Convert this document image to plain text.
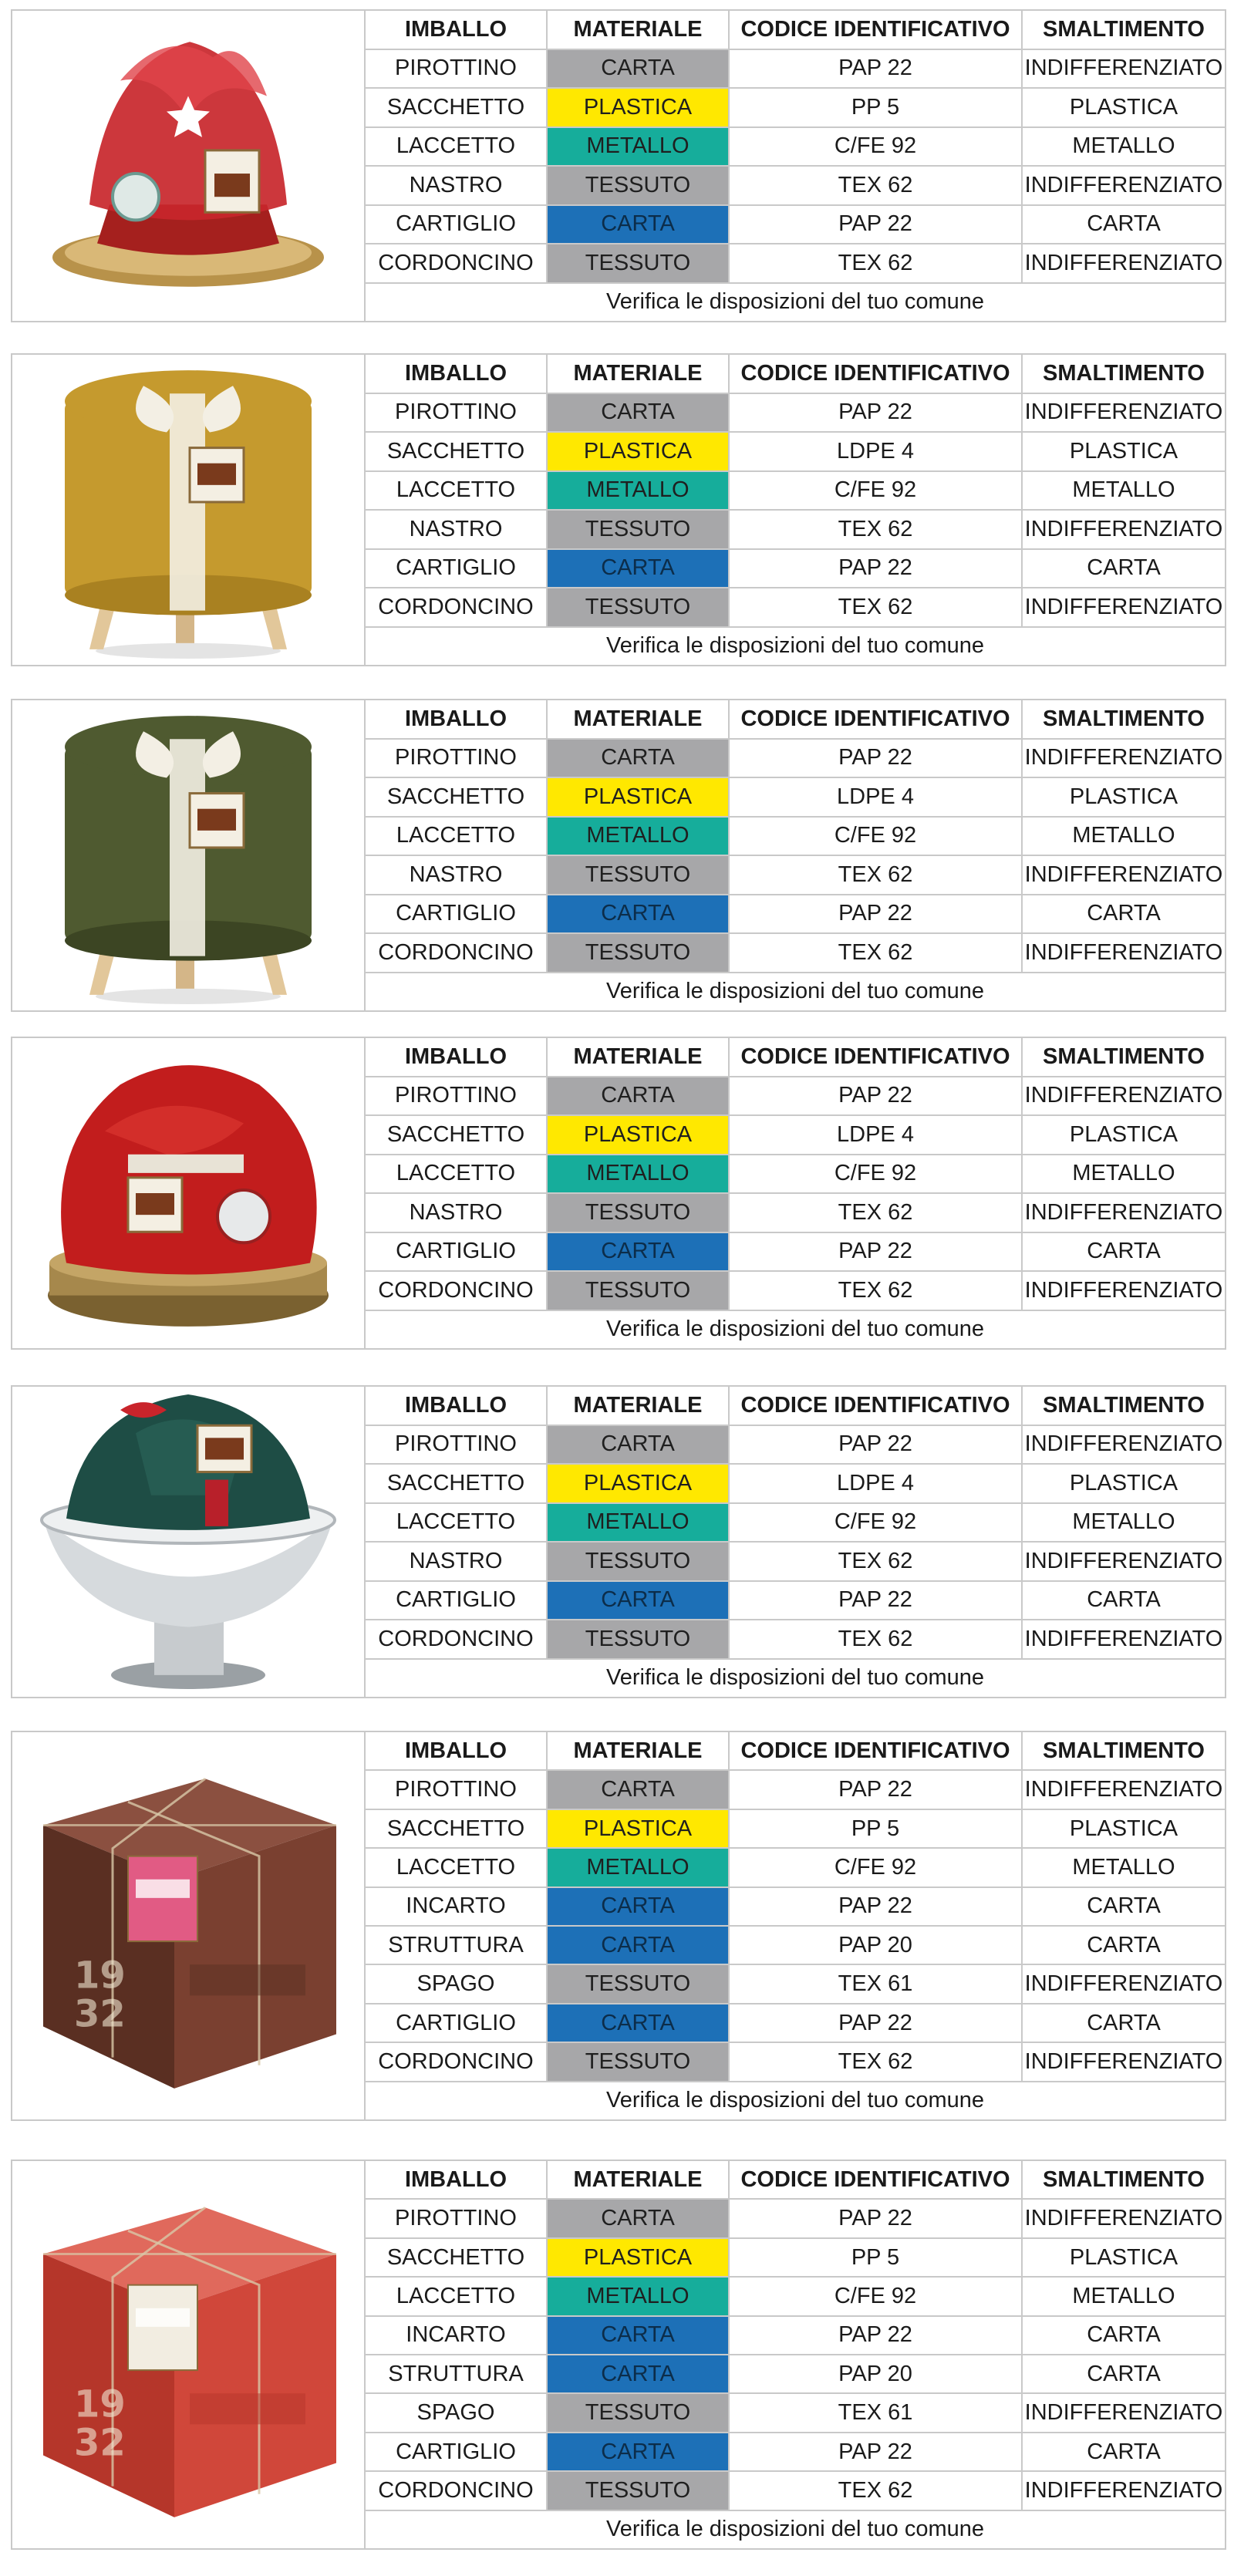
IMBALLO	MATERIALE	CODICE IDENTIFICATIVO	SMALTIMENTO
PIROTTINO	CARTA	PAP 22	INDIFFERENZIATO
SACCHETTO	PLASTICA	PP 5	PLASTICA
LACCETTO	METALLO	C/FE 92	METALLO
NASTRO	TESSUTO	TEX 62	INDIFFERENZIATO
CARTIGLIO	CARTA	PAP 22	CARTA
CORDONCINO	TESSUTO	TEX 62	INDIFFERENZIATO
Verifica le disposizioni del tuo comune
IMBALLO	MATERIALE	CODICE IDENTIFICATIVO	SMALTIMENTO
PIROTTINO	CARTA	PAP 22	INDIFFERENZIATO
SACCHETTO	PLASTICA	LDPE 4	PLASTICA
LACCETTO	METALLO	C/FE 92	METALLO
NASTRO	TESSUTO	TEX 62	INDIFFERENZIATO
CARTIGLIO	CARTA	PAP 22	CARTA
CORDONCINO	TESSUTO	TEX 62	INDIFFERENZIATO
Verifica le disposizioni del tuo comune
IMBALLO	MATERIALE	CODICE IDENTIFICATIVO	SMALTIMENTO
PIROTTINO	CARTA	PAP 22	INDIFFERENZIATO
SACCHETTO	PLASTICA	LDPE 4	PLASTICA
LACCETTO	METALLO	C/FE 92	METALLO
NASTRO	TESSUTO	TEX 62	INDIFFERENZIATO
CARTIGLIO	CARTA	PAP 22	CARTA
CORDONCINO	TESSUTO	TEX 62	INDIFFERENZIATO
Verifica le disposizioni del tuo comune
IMBALLO	MATERIALE	CODICE IDENTIFICATIVO	SMALTIMENTO
PIROTTINO	CARTA	PAP 22	INDIFFERENZIATO
SACCHETTO	PLASTICA	LDPE 4	PLASTICA
LACCETTO	METALLO	C/FE 92	METALLO
NASTRO	TESSUTO	TEX 62	INDIFFERENZIATO
CARTIGLIO	CARTA	PAP 22	CARTA
CORDONCINO	TESSUTO	TEX 62	INDIFFERENZIATO
Verifica le disposizioni del tuo comune
IMBALLO	MATERIALE	CODICE IDENTIFICATIVO	SMALTIMENTO
PIROTTINO	CARTA	PAP 22	INDIFFERENZIATO
SACCHETTO	PLASTICA	LDPE 4	PLASTICA
LACCETTO	METALLO	C/FE 92	METALLO
NASTRO	TESSUTO	TEX 62	INDIFFERENZIATO
CARTIGLIO	CARTA	PAP 22	CARTA
CORDONCINO	TESSUTO	TEX 62	INDIFFERENZIATO
Verifica le disposizioni del tuo comune
19
32
IMBALLO	MATERIALE	CODICE IDENTIFICATIVO	SMALTIMENTO
PIROTTINO	CARTA	PAP 22	INDIFFERENZIATO
SACCHETTO	PLASTICA	PP 5	PLASTICA
LACCETTO	METALLO	C/FE 92	METALLO
INCARTO	CARTA	PAP 22	CARTA
STRUTTURA	CARTA	PAP 20	CARTA
SPAGO	TESSUTO	TEX 61	INDIFFERENZIATO
CARTIGLIO	CARTA	PAP 22	CARTA
CORDONCINO	TESSUTO	TEX 62	INDIFFERENZIATO
Verifica le disposizioni del tuo comune
19
32
IMBALLO	MATERIALE	CODICE IDENTIFICATIVO	SMALTIMENTO
PIROTTINO	CARTA	PAP 22	INDIFFERENZIATO
SACCHETTO	PLASTICA	PP 5	PLASTICA
LACCETTO	METALLO	C/FE 92	METALLO
INCARTO	CARTA	PAP 22	CARTA
STRUTTURA	CARTA	PAP 20	CARTA
SPAGO	TESSUTO	TEX 61	INDIFFERENZIATO
CARTIGLIO	CARTA	PAP 22	CARTA
CORDONCINO	TESSUTO	TEX 62	INDIFFERENZIATO
Verifica le disposizioni del tuo comune
